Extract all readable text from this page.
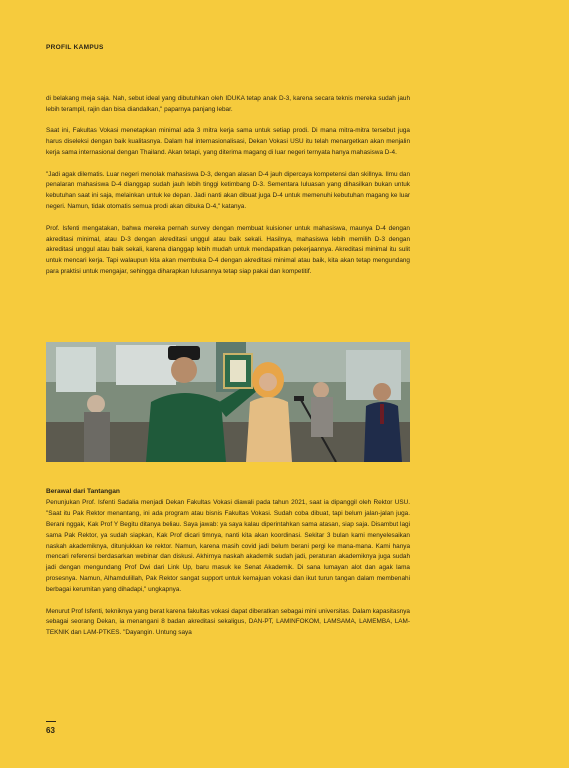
PROFIL KAMPUS

di belakang meja saja. Nah, sebut ideal yang dibutuhkan oleh IDUKA tetap anak D-3, karena secara teknis mereka sudah jauh lebih terampil, rajin dan bisa diandalkan," paparnya panjang lebar.

Saat ini, Fakultas Vokasi menetapkan minimal ada 3 mitra kerja sama untuk setiap prodi. Di mana mitra-mitra tersebut juga harus diseleksi dengan baik kualitasnya. Dalam hal internasionalisasi, Dekan Vokasi USU itu telah menargetkan akan menjalin kerja sama internasional dengan Thailand. Akan tetapi, yang diterima magang di luar negeri ternyata hanya mahasiswa D-4.

"Jadi agak dilematis. Luar negeri menolak mahasiswa D-3, dengan alasan D-4 jauh dipercaya kompetensi dan skillnya. Ilmu dan penalaran mahasiswa D-4 dianggap sudah jauh lebih tinggi ketimbang D-3. Sementara luluasan yang dihasilkan bukan untuk kebutuhan saat ini saja, melainkan untuk ke depan. Jadi nanti akan dibuat juga D-4 untuk memenuhi kebutuhan magang ke luar negeri. Namun, tidak otomatis semua prodi akan dibuka D-4," katanya.

Prof. Isfenti mengatakan, bahwa mereka pernah survey dengan membuat kuisioner untuk mahasiswa, maunya D-4 dengan akreditasi minimal, atau D-3 dengan akreditasi unggul atau baik sekali. Hasilnya, mahasiswa lebih memilih D-3 dengan akreditasi unggul atau baik sekali, karena dianggap lebih mudah untuk mendapatkan pekerjaannya. Akreditasi minimal itu sulit untuk mencari kerja. Tapi walaupun kita akan membuka D-4 dengan akreditasi minimal atau baik, kita akan tetap mengundang para praktisi untuk mengajar, sehingga diharapkan lulusannya tetap siap pakai dan kompetitif.

Berawal dari Tantangan

Penunjukan Prof. Isfenti Sadalia menjadi Dekan Fakultas Vokasi diawali pada tahun 2021, saat ia dipanggil oleh Rektor USU. "Saat itu Pak Rektor menantang, ini ada program atau bisnis Fakultas Vokasi. Sudah coba dibuat, tapi belum jalan-jalan juga. Berani nggak, Kak Prof Y Begitu ditanya beliau. Saya jawab: ya saya kalau diperintahkan sama atasan, siap saja. Disambut lagi sama Pak Rektor, ya sudah siapkan, Kak Prof dicari timnya, nanti kita akan koordinasi. Sekitar 3 bulan kami menyelesaikan naskah akademiknya, ditunjukkan ke rektor. Namun, karena masih covid jadi belum berani pergi ke mana-mana. Kami hanya mencari referensi berdasarkan webinar dan diskusi. Akhirnya naskah akademik sudah jadi, peraturan akademiknya juga sudah jadi dengan mengundang Prof Dwi dari Link Up, baru masuk ke Senat Akademik. Di sana lumayan alot dan agak lama prosesnya. Namun, Alhamdulillah, Pak Rektor sangat support untuk kemajuan vokasi dan ikut turun tangan dalam membenahi berbagai kerumitan yang dihadapi," ungkapnya.

Menurut Prof Isfenti, tekniknya yang berat karena fakultas vokasi dapat diberatkan sebagai mini universitas. Dalam kapasitasnya sebagai seorang Dekan, ia menangani 8 badan akreditasi sekaligus, DAN-PT, LAMINFOKOM, LAMSAMA, LAMEMBA, LAM-TEKNIK dan LAM-PTKES. "Dayangin. Untung saya

63
